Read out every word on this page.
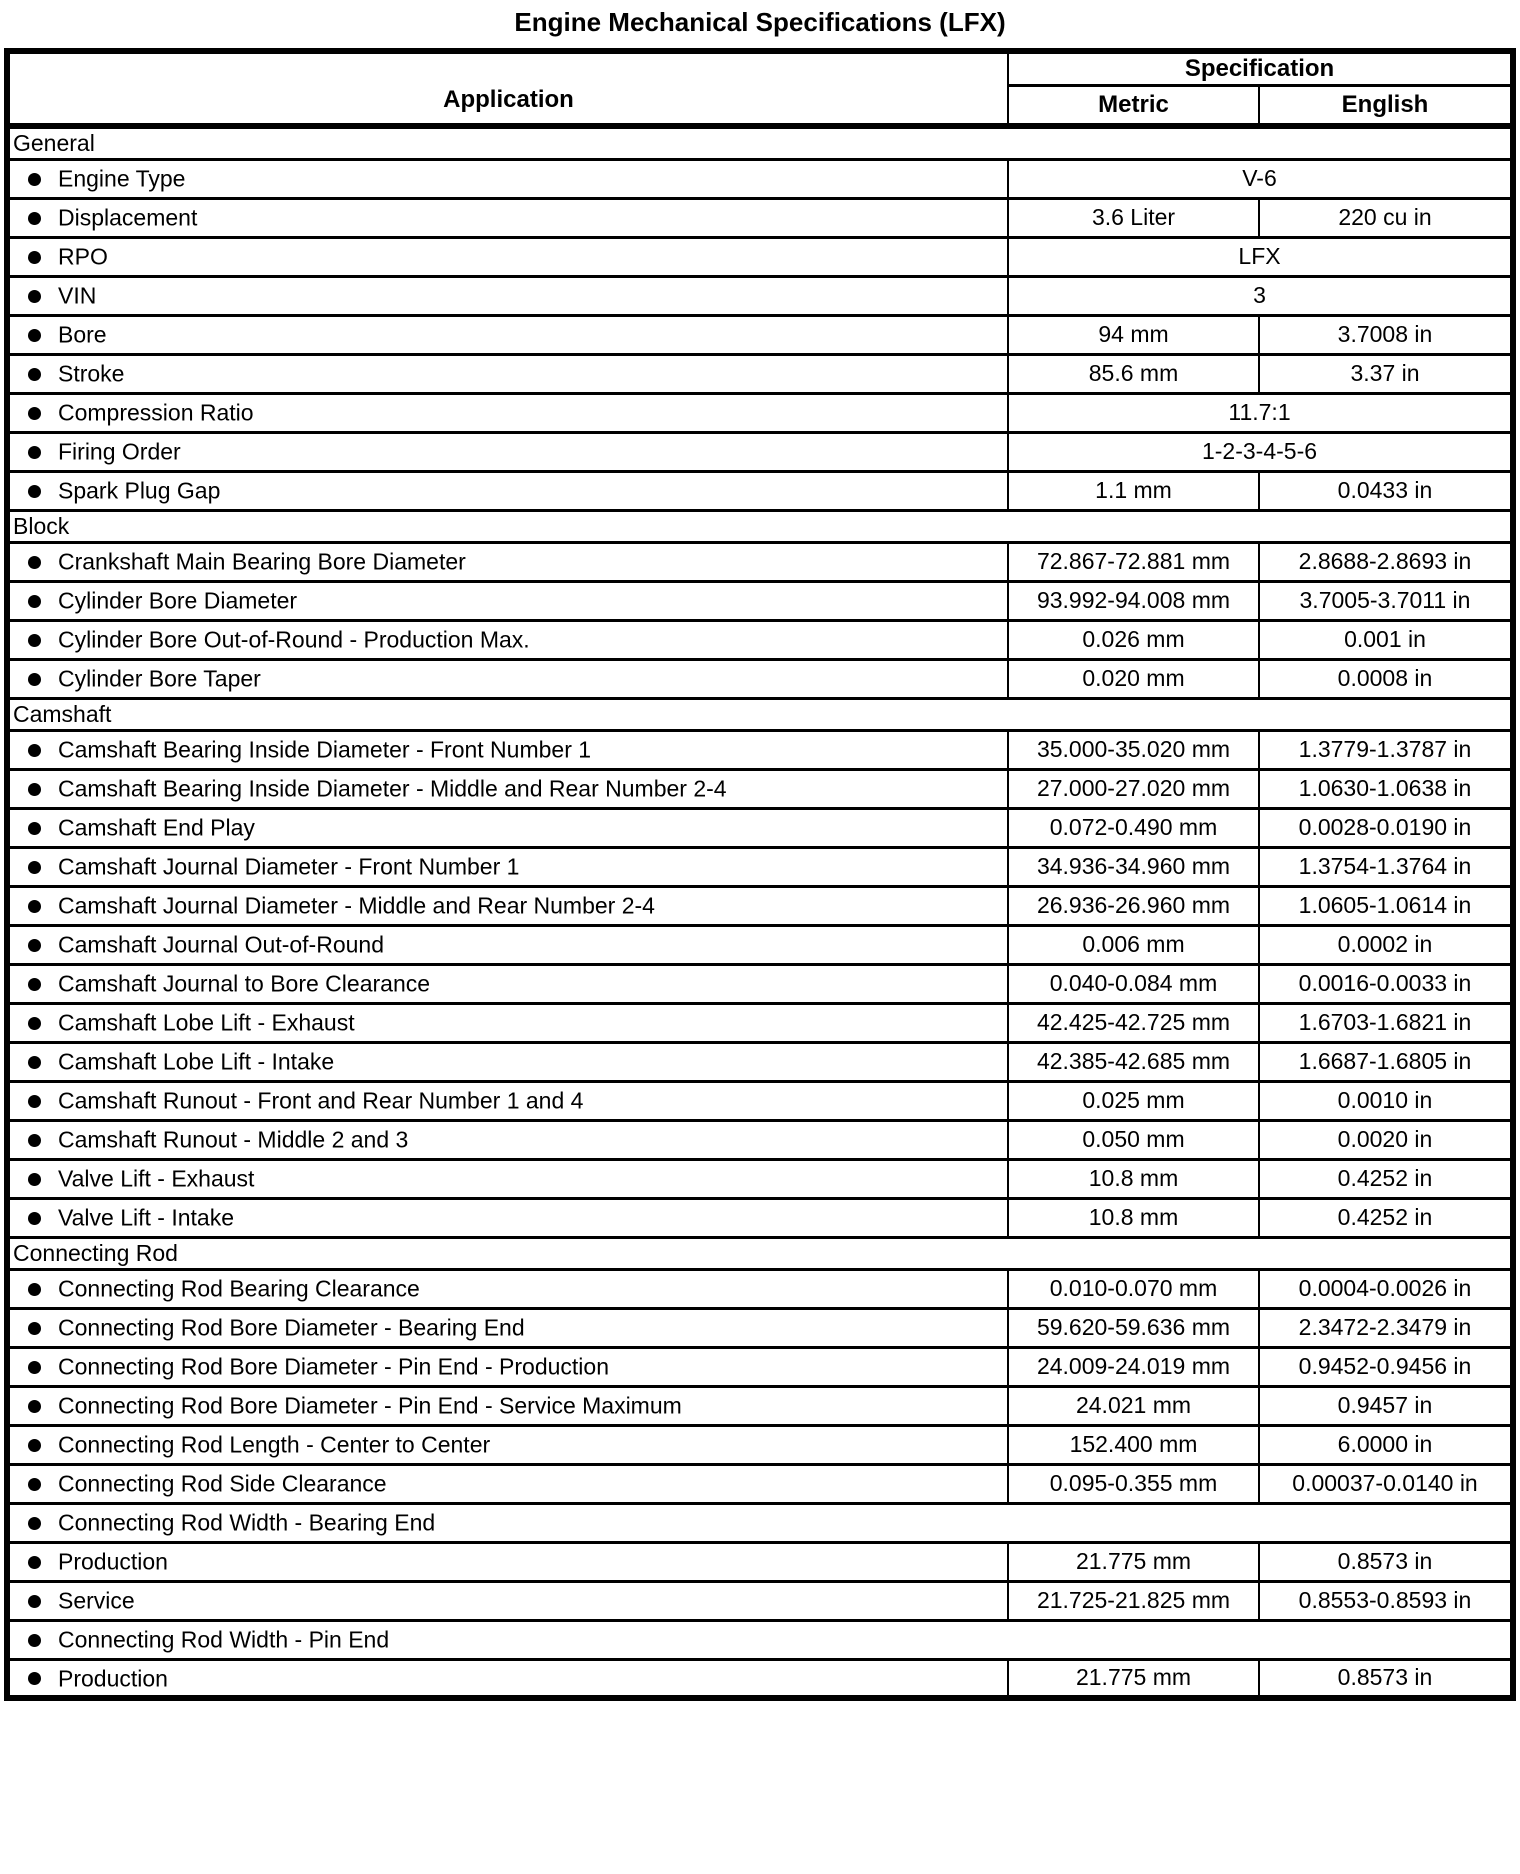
Engine Mechanical Specifications (LFX)
Application	Specification	
	Metric	English
General		
Engine Type	V-6	
Displacement	3.6 Liter	220 cu in
RPO	LFX	
VIN	3	
Bore	94 mm	3.7008 in
Stroke	85.6 mm	3.37 in
Compression Ratio	11.7:1	
Firing Order	1-2-3-4-5-6	
Spark Plug Gap	1.1 mm	0.0433 in
Block		
Crankshaft Main Bearing Bore Diameter	72.867-72.881 mm	2.8688-2.8693 in
Cylinder Bore Diameter	93.992-94.008 mm	3.7005-3.7011 in
Cylinder Bore Out-of-Round - Production Max.	0.026 mm	0.001 in
Cylinder Bore Taper	0.020 mm	0.0008 in
Camshaft		
Camshaft Bearing Inside Diameter - Front Number 1	35.000-35.020 mm	1.3779-1.3787 in
Camshaft Bearing Inside Diameter - Middle and Rear Number 2-4	27.000-27.020 mm	1.0630-1.0638 in
Camshaft End Play	0.072-0.490 mm	0.0028-0.0190 in
Camshaft Journal Diameter - Front Number 1	34.936-34.960 mm	1.3754-1.3764 in
Camshaft Journal Diameter - Middle and Rear Number 2-4	26.936-26.960 mm	1.0605-1.0614 in
Camshaft Journal Out-of-Round	0.006 mm	0.0002 in
Camshaft Journal to Bore Clearance	0.040-0.084 mm	0.0016-0.0033 in
Camshaft Lobe Lift - Exhaust	42.425-42.725 mm	1.6703-1.6821 in
Camshaft Lobe Lift - Intake	42.385-42.685 mm	1.6687-1.6805 in
Camshaft Runout - Front and Rear Number 1 and 4	0.025 mm	0.0010 in
Camshaft Runout - Middle 2 and 3	0.050 mm	0.0020 in
Valve Lift - Exhaust	10.8 mm	0.4252 in
Valve Lift - Intake	10.8 mm	0.4252 in
Connecting Rod		
Connecting Rod Bearing Clearance	0.010-0.070 mm	0.0004-0.0026 in
Connecting Rod Bore Diameter - Bearing End	59.620-59.636 mm	2.3472-2.3479 in
Connecting Rod Bore Diameter - Pin End - Production	24.009-24.019 mm	0.9452-0.9456 in
Connecting Rod Bore Diameter - Pin End - Service Maximum	24.021 mm	0.9457 in
Connecting Rod Length - Center to Center	152.400 mm	6.0000 in
Connecting Rod Side Clearance	0.095-0.355 mm	0.00037-0.0140 in
Connecting Rod Width - Bearing End		
Production	21.775 mm	0.8573 in
Service	21.725-21.825 mm	0.8553-0.8593 in
Connecting Rod Width - Pin End		
Production	21.775 mm	0.8573 in
